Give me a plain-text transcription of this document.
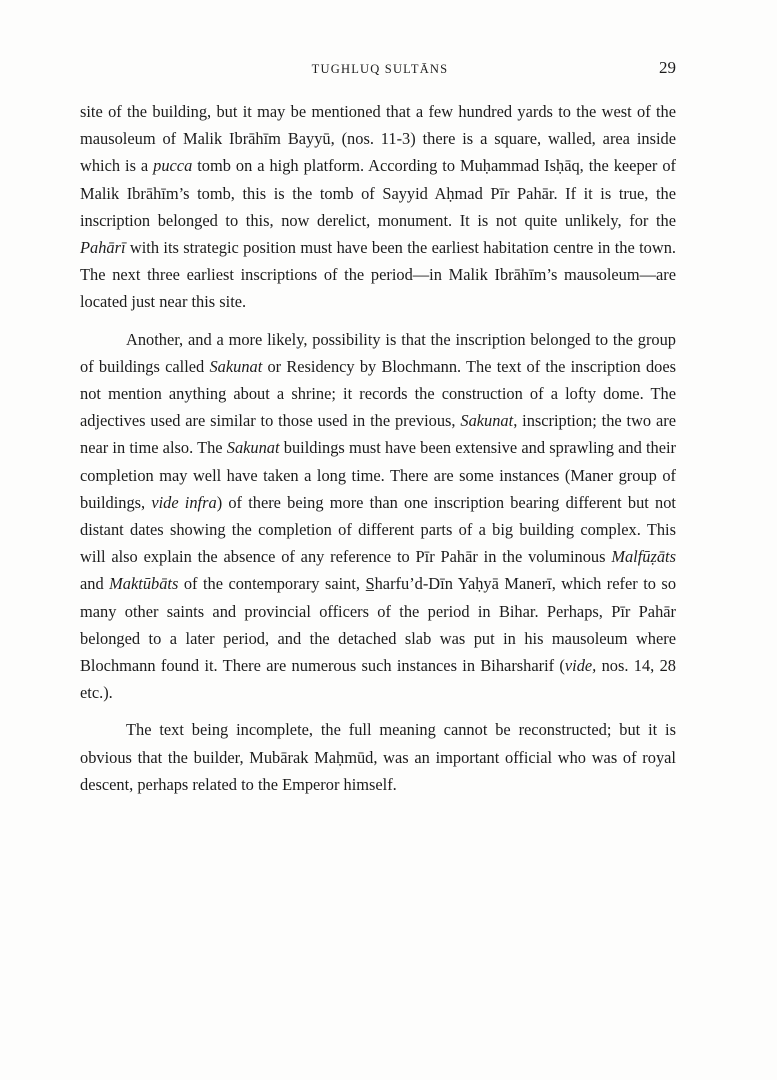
TUGHLUQ SULTĀNS	29

site of the building, but it may be mentioned that a few hundred yards to the west of the mausoleum of Malik Ibrāhīm Bayyū, (nos. 11-3) there is a square, walled, area inside which is a pucca tomb on a high platform. According to Muḥammad Isḥāq, the keeper of Malik Ibrāhīm’s tomb, this is the tomb of Sayyid Aḥmad Pīr Pahār. If it is true, the inscription belonged to this, now derelict, monument. It is not quite unlikely, for the Pahārī with its strategic position must have been the earliest habitation centre in the town. The next three earliest inscriptions of the period—in Malik Ibrāhīm’s mausoleum—are located just near this site.

Another, and a more likely, possibility is that the inscription belonged to the group of buildings called Sakunat or Residency by Blochmann. The text of the inscription does not mention anything about a shrine; it records the construction of a lofty dome. The adjectives used are similar to those used in the previous, Sakunat, inscription; the two are near in time also. The Sakunat buildings must have been extensive and sprawling and their completion may well have taken a long time. There are some instances (Maner group of buildings, vide infra) of there being more than one inscription bearing different but not distant dates showing the completion of different parts of a big building complex. This will also explain the absence of any reference to Pīr Pahār in the voluminous Malfūẓāts and Maktūbāts of the contemporary saint, S̲harfu’d-Dīn Yaḥyā Manerī, which refer to so many other saints and provincial officers of the period in Bihar. Perhaps, Pīr Pahār belonged to a later period, and the detached slab was put in his mausoleum where Blochmann found it. There are numerous such instances in Biharsharif (vide, nos. 14, 28 etc.).

The text being incomplete, the full meaning cannot be reconstructed; but it is obvious that the builder, Mubārak Maḥmūd, was an important official who was of royal descent, perhaps related to the Emperor himself.
